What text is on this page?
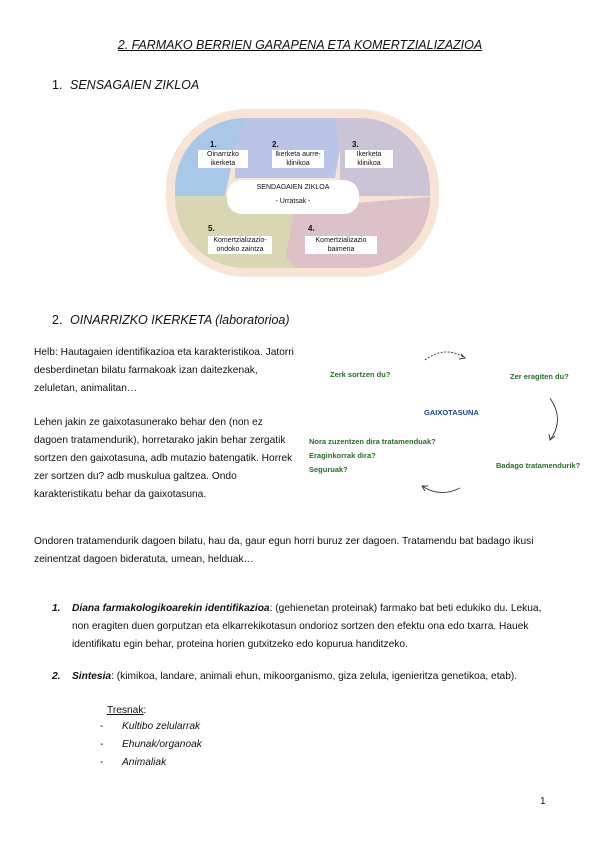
2. FARMAKO BERRIEN GARAPENA ETA KOMERTZIALIZAZIOA
1. SENSAGAIEN ZIKLOA
1.
Oinarrizko ikerketa
2.
Ikerketa aurre-klinikoa
3.
Ikerketa klinikoa
4.
Komertzializazio baimena
5.
Komertzializazio-ondoko zaintza
SENDAGAIEN ZIKLOA
- Urratsak -
2. OINARRIZKO IKERKETA (laboratorioa)
Helb: Hautagaien identifikazioa eta karakteristikoa. Jatorri desberdinetan bilatu farmakoak izan daitezkenak, zeluletan, animalitan…
Lehen jakin ze gaixotasunerako behar den (non ez dagoen tratamendurik), horretarako jakin behar zergatik sortzen den gaixotasuna, adb mutazio batengatik. Horrek zer sortzen du? adb muskulua galtzea. Ondo karakteristikatu behar da gaixotasuna.
Zerk sortzen du?	Zer eragiten du?
GAIXOTASUNA
Nora zuzentzen dira tratamenduak?
Eraginkorrak dira?
Seguruak?	Badago tratamendurik?
Ondoren tratamendurik dagoen bilatu, hau da, gaur egun horri buruz zer dagoen. Tratamendu bat badago ikusi zeinentzat dagoen bideratuta, umean, helduak…
1.	Diana farmakologikoarekin identifikazioa: (gehienetan proteinak) farmako bat beti edukiko du. Lekua, non eragiten duen gorputzan eta elkarrekikotasun ondorioz sortzen den efektu ona edo txarra. Hauek identifikatu egin behar, proteina horien gutxitzeko edo kopurua handitzeko.
2.	Sintesia: (kimikoa, landare, animali ehun, mikoorganismo, giza zelula, igenieritza genetikoa, etab).
Tresnak:
- Kultibo zelularrak
- Ehunak/organoak
- Animaliak
1
